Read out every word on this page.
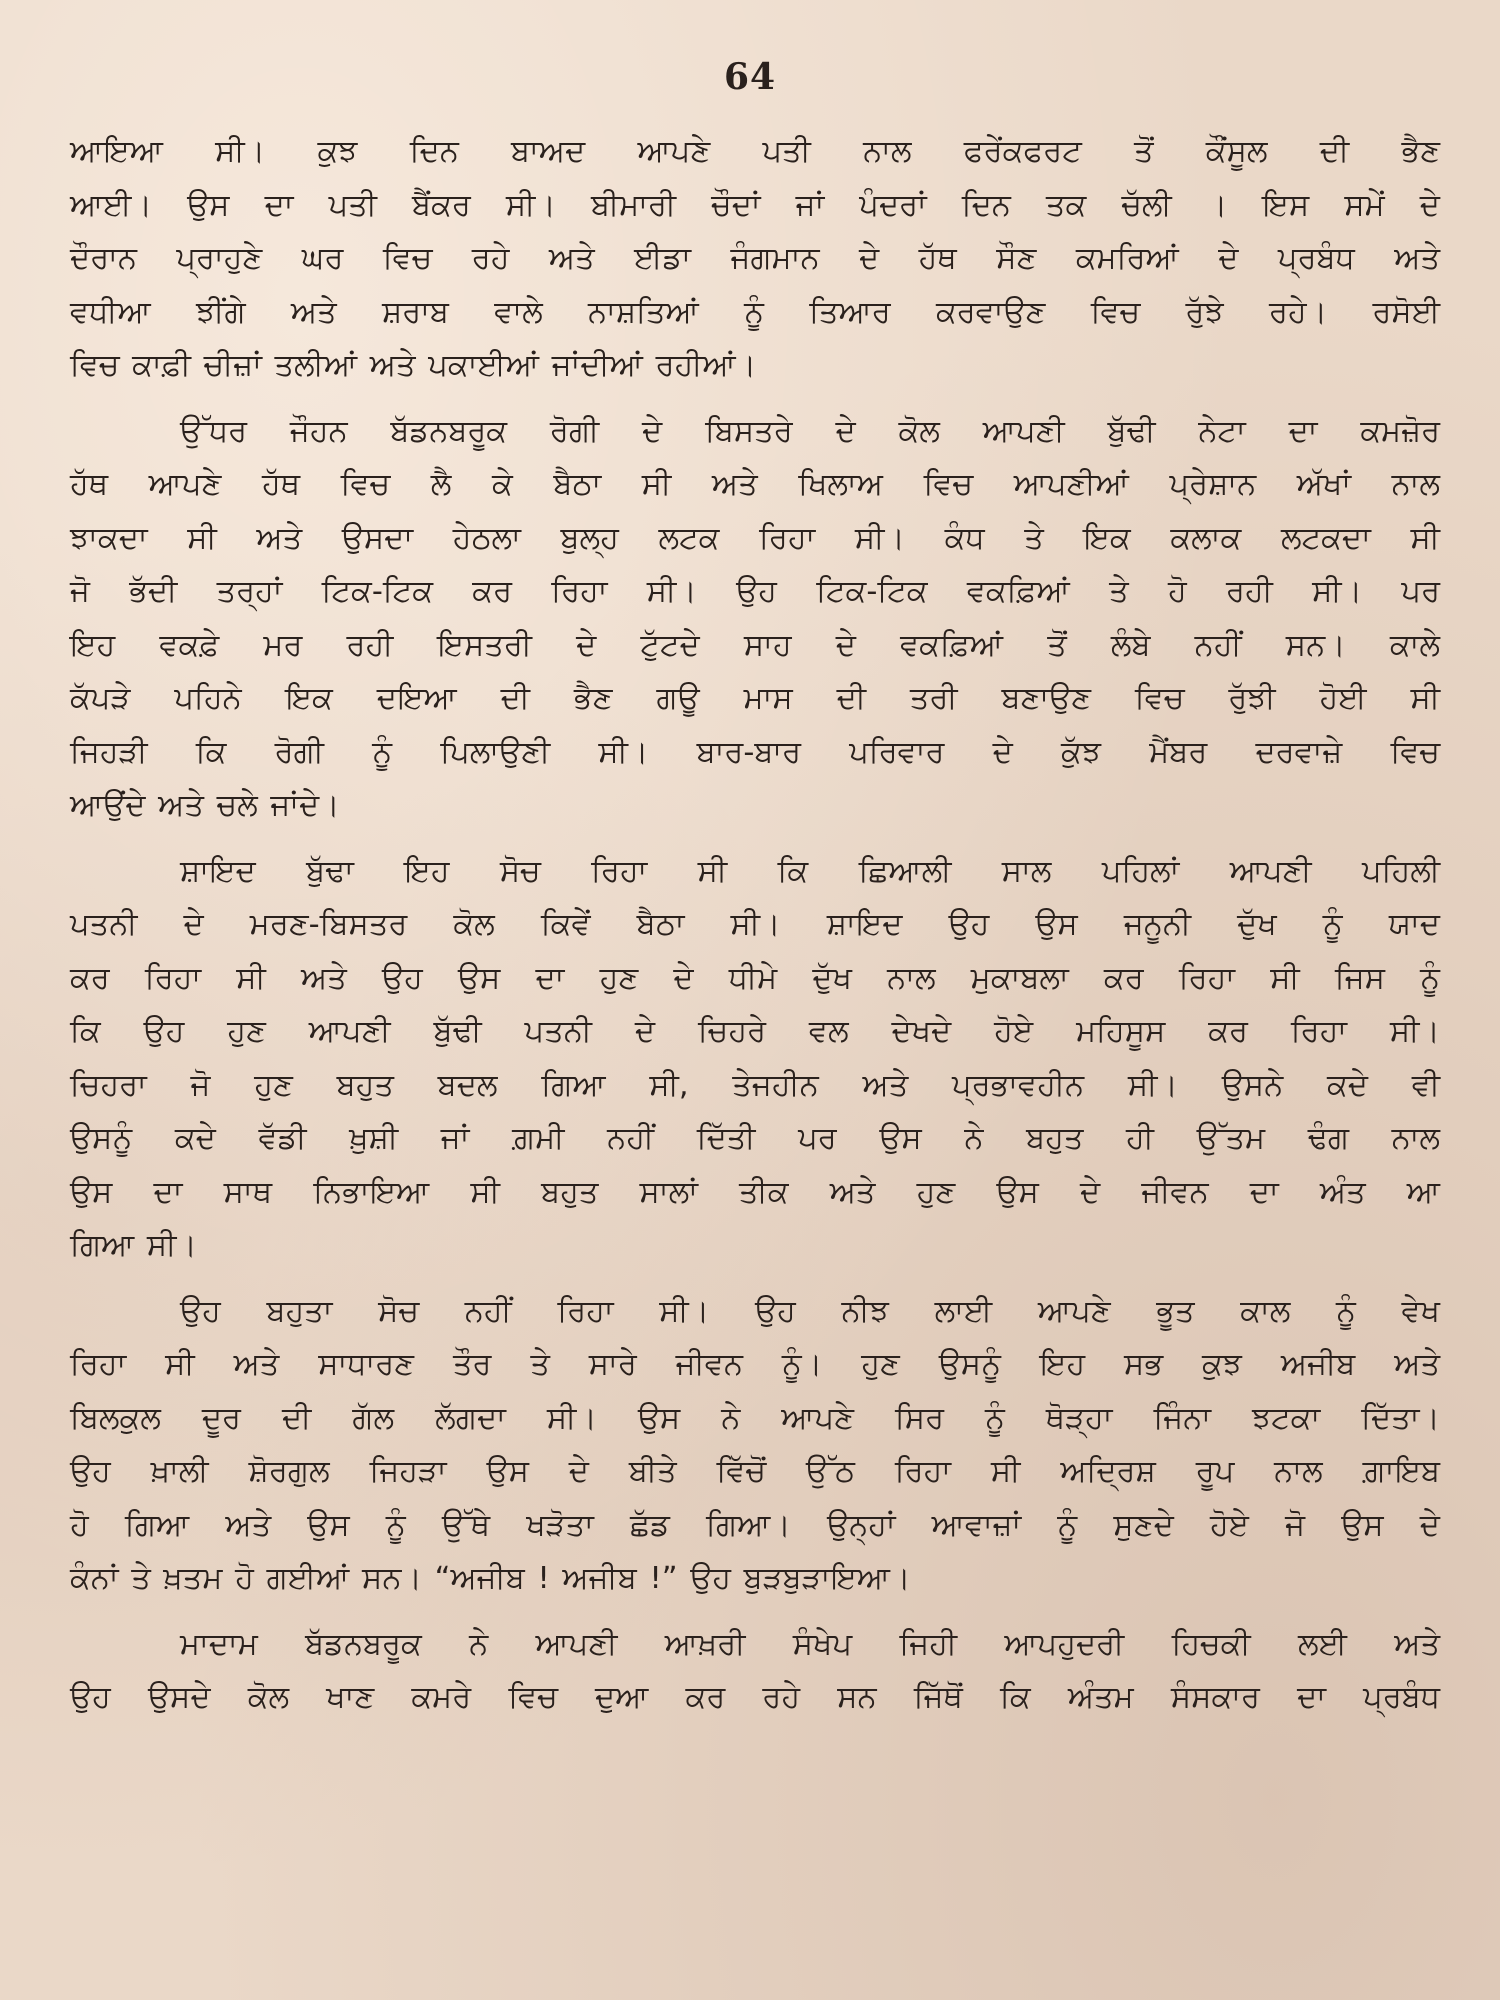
64
ਆਇਆ ਸੀ। ਕੁਝ ਦਿਨ ਬਾਅਦ ਆਪਣੇ ਪਤੀ ਨਾਲ ਫਰੇਂਕਫਰਟ ਤੋਂ ਕੌਂਸੂਲ ਦੀ ਭੈਣ
ਆਈ। ਉਸ ਦਾ ਪਤੀ ਬੈਂਕਰ ਸੀ। ਬੀਮਾਰੀ ਚੌਦਾਂ ਜਾਂ ਪੰਦਰਾਂ ਦਿਨ ਤਕ ਚੱਲੀ । ਇਸ ਸਮੇਂ ਦੇ
ਦੌਰਾਨ ਪ੍ਰਾਹੁਣੇ ਘਰ ਵਿਚ ਰਹੇ ਅਤੇ ਈਡਾ ਜੰਗਮਾਨ ਦੇ ਹੱਥ ਸੌਣ ਕਮਰਿਆਂ ਦੇ ਪ੍ਰਬੰਧ ਅਤੇ
ਵਧੀਆ ਝੀਂਗੇ ਅਤੇ ਸ਼ਰਾਬ ਵਾਲੇ ਨਾਸ਼ਤਿਆਂ ਨੂੰ ਤਿਆਰ ਕਰਵਾਉਣ ਵਿਚ ਰੁੱਝੇ ਰਹੇ। ਰਸੋਈ
ਵਿਚ ਕਾਫ਼ੀ ਚੀਜ਼ਾਂ ਤਲੀਆਂ ਅਤੇ ਪਕਾਈਆਂ ਜਾਂਦੀਆਂ ਰਹੀਆਂ।
ਉੱਧਰ ਜੌਹਨ ਬੱਡਨਬਰੂਕ ਰੋਗੀ ਦੇ ਬਿਸਤਰੇ ਦੇ ਕੋਲ ਆਪਣੀ ਬੁੱਢੀ ਨੇਟਾ ਦਾ ਕਮਜ਼ੋਰ
ਹੱਥ ਆਪਣੇ ਹੱਥ ਵਿਚ ਲੈ ਕੇ ਬੈਠਾ ਸੀ ਅਤੇ ਖਿਲਾਅ ਵਿਚ ਆਪਣੀਆਂ ਪ੍ਰੇਸ਼ਾਨ ਅੱਖਾਂ ਨਾਲ
ਝਾਕਦਾ ਸੀ ਅਤੇ ਉਸਦਾ ਹੇਠਲਾ ਬੁਲ੍ਹ ਲਟਕ ਰਿਹਾ ਸੀ। ਕੰਧ ਤੇ ਇਕ ਕਲਾਕ ਲਟਕਦਾ ਸੀ
ਜੋ ਭੱਦੀ ਤਰ੍ਹਾਂ ਟਿਕ-ਟਿਕ ਕਰ ਰਿਹਾ ਸੀ। ਉਹ ਟਿਕ-ਟਿਕ ਵਕਫ਼ਿਆਂ ਤੇ ਹੋ ਰਹੀ ਸੀ। ਪਰ
ਇਹ ਵਕਫ਼ੇ ਮਰ ਰਹੀ ਇਸਤਰੀ ਦੇ ਟੁੱਟਦੇ ਸਾਹ ਦੇ ਵਕਫ਼ਿਆਂ ਤੋਂ ਲੰਬੇ ਨਹੀਂ ਸਨ। ਕਾਲੇ
ਕੱਪੜੇ ਪਹਿਨੇ ਇਕ ਦਇਆ ਦੀ ਭੈਣ ਗਊ ਮਾਸ ਦੀ ਤਰੀ ਬਣਾਉਣ ਵਿਚ ਰੁੱਝੀ ਹੋਈ ਸੀ
ਜਿਹੜੀ ਕਿ ਰੋਗੀ ਨੂੰ ਪਿਲਾਉਣੀ ਸੀ। ਬਾਰ-ਬਾਰ ਪਰਿਵਾਰ ਦੇ ਕੁੱਝ ਮੈਂਬਰ ਦਰਵਾਜ਼ੇ ਵਿਚ
ਆਉਂਦੇ ਅਤੇ ਚਲੇ ਜਾਂਦੇ।
ਸ਼ਾਇਦ ਬੁੱਢਾ ਇਹ ਸੋਚ ਰਿਹਾ ਸੀ ਕਿ ਛਿਆਲੀ ਸਾਲ ਪਹਿਲਾਂ ਆਪਣੀ ਪਹਿਲੀ
ਪਤਨੀ ਦੇ ਮਰਣ-ਬਿਸਤਰ ਕੋਲ ਕਿਵੇਂ ਬੈਠਾ ਸੀ। ਸ਼ਾਇਦ ਉਹ ਉਸ ਜਨੂਨੀ ਦੁੱਖ ਨੂੰ ਯਾਦ
ਕਰ ਰਿਹਾ ਸੀ ਅਤੇ ਉਹ ਉਸ ਦਾ ਹੁਣ ਦੇ ਧੀਮੇ ਦੁੱਖ ਨਾਲ ਮੁਕਾਬਲਾ ਕਰ ਰਿਹਾ ਸੀ ਜਿਸ ਨੂੰ
ਕਿ ਉਹ ਹੁਣ ਆਪਣੀ ਬੁੱਢੀ ਪਤਨੀ ਦੇ ਚਿਹਰੇ ਵਲ ਦੇਖਦੇ ਹੋਏ ਮਹਿਸੂਸ ਕਰ ਰਿਹਾ ਸੀ।
ਚਿਹਰਾ ਜੋ ਹੁਣ ਬਹੁਤ ਬਦਲ ਗਿਆ ਸੀ, ਤੇਜਹੀਨ ਅਤੇ ਪ੍ਰਭਾਵਹੀਨ ਸੀ। ਉਸਨੇ ਕਦੇ ਵੀ
ਉਸਨੂੰ ਕਦੇ ਵੱਡੀ ਖ਼ੁਸ਼ੀ ਜਾਂ ਗ਼ਮੀ ਨਹੀਂ ਦਿੱਤੀ ਪਰ ਉਸ ਨੇ ਬਹੁਤ ਹੀ ਉੱਤਮ ਢੰਗ ਨਾਲ
ਉਸ ਦਾ ਸਾਥ ਨਿਭਾਇਆ ਸੀ ਬਹੁਤ ਸਾਲਾਂ ਤੀਕ ਅਤੇ ਹੁਣ ਉਸ ਦੇ ਜੀਵਨ ਦਾ ਅੰਤ ਆ
ਗਿਆ ਸੀ।
ਉਹ ਬਹੁਤਾ ਸੋਚ ਨਹੀਂ ਰਿਹਾ ਸੀ। ਉਹ ਨੀਝ ਲਾਈ ਆਪਣੇ ਭੂਤ ਕਾਲ ਨੂੰ ਵੇਖ
ਰਿਹਾ ਸੀ ਅਤੇ ਸਾਧਾਰਣ ਤੌਰ ਤੇ ਸਾਰੇ ਜੀਵਨ ਨੂੰ। ਹੁਣ ਉਸਨੂੰ ਇਹ ਸਭ ਕੁਝ ਅਜੀਬ ਅਤੇ
ਬਿਲਕੁਲ ਦੂਰ ਦੀ ਗੱਲ ਲੱਗਦਾ ਸੀ। ਉਸ ਨੇ ਆਪਣੇ ਸਿਰ ਨੂੰ ਥੋੜ੍ਹਾ ਜਿੰਨਾ ਝਟਕਾ ਦਿੱਤਾ।
ਉਹ ਖ਼ਾਲੀ ਸ਼ੋਰਗੁਲ ਜਿਹੜਾ ਉਸ ਦੇ ਬੀਤੇ ਵਿੱਚੋਂ ਉੱਠ ਰਿਹਾ ਸੀ ਅਦ੍ਰਿਸ਼ ਰੂਪ ਨਾਲ ਗ਼ਾਇਬ
ਹੋ ਗਿਆ ਅਤੇ ਉਸ ਨੂੰ ਉੱਥੇ ਖੜੋਤਾ ਛੱਡ ਗਿਆ। ਉਨ੍ਹਾਂ ਆਵਾਜ਼ਾਂ ਨੂੰ ਸੁਣਦੇ ਹੋਏ ਜੋ ਉਸ ਦੇ
ਕੰਨਾਂ ਤੇ ਖ਼ਤਮ ਹੋ ਗਈਆਂ ਸਨ। “ਅਜੀਬ ! ਅਜੀਬ !” ਉਹ ਬੁੜਬੁੜਾਇਆ।
ਮਾਦਾਮ ਬੱਡਨਬਰੂਕ ਨੇ ਆਪਣੀ ਆਖ਼ਰੀ ਸੰਖੇਪ ਜਿਹੀ ਆਪਹੁਦਰੀ ਹਿਚਕੀ ਲਈ ਅਤੇ
ਉਹ ਉਸਦੇ ਕੋਲ ਖਾਣ ਕਮਰੇ ਵਿਚ ਦੁਆ ਕਰ ਰਹੇ ਸਨ ਜਿੱਥੋਂ ਕਿ ਅੰਤਮ ਸੰਸਕਾਰ ਦਾ ਪ੍ਰਬੰਧ
